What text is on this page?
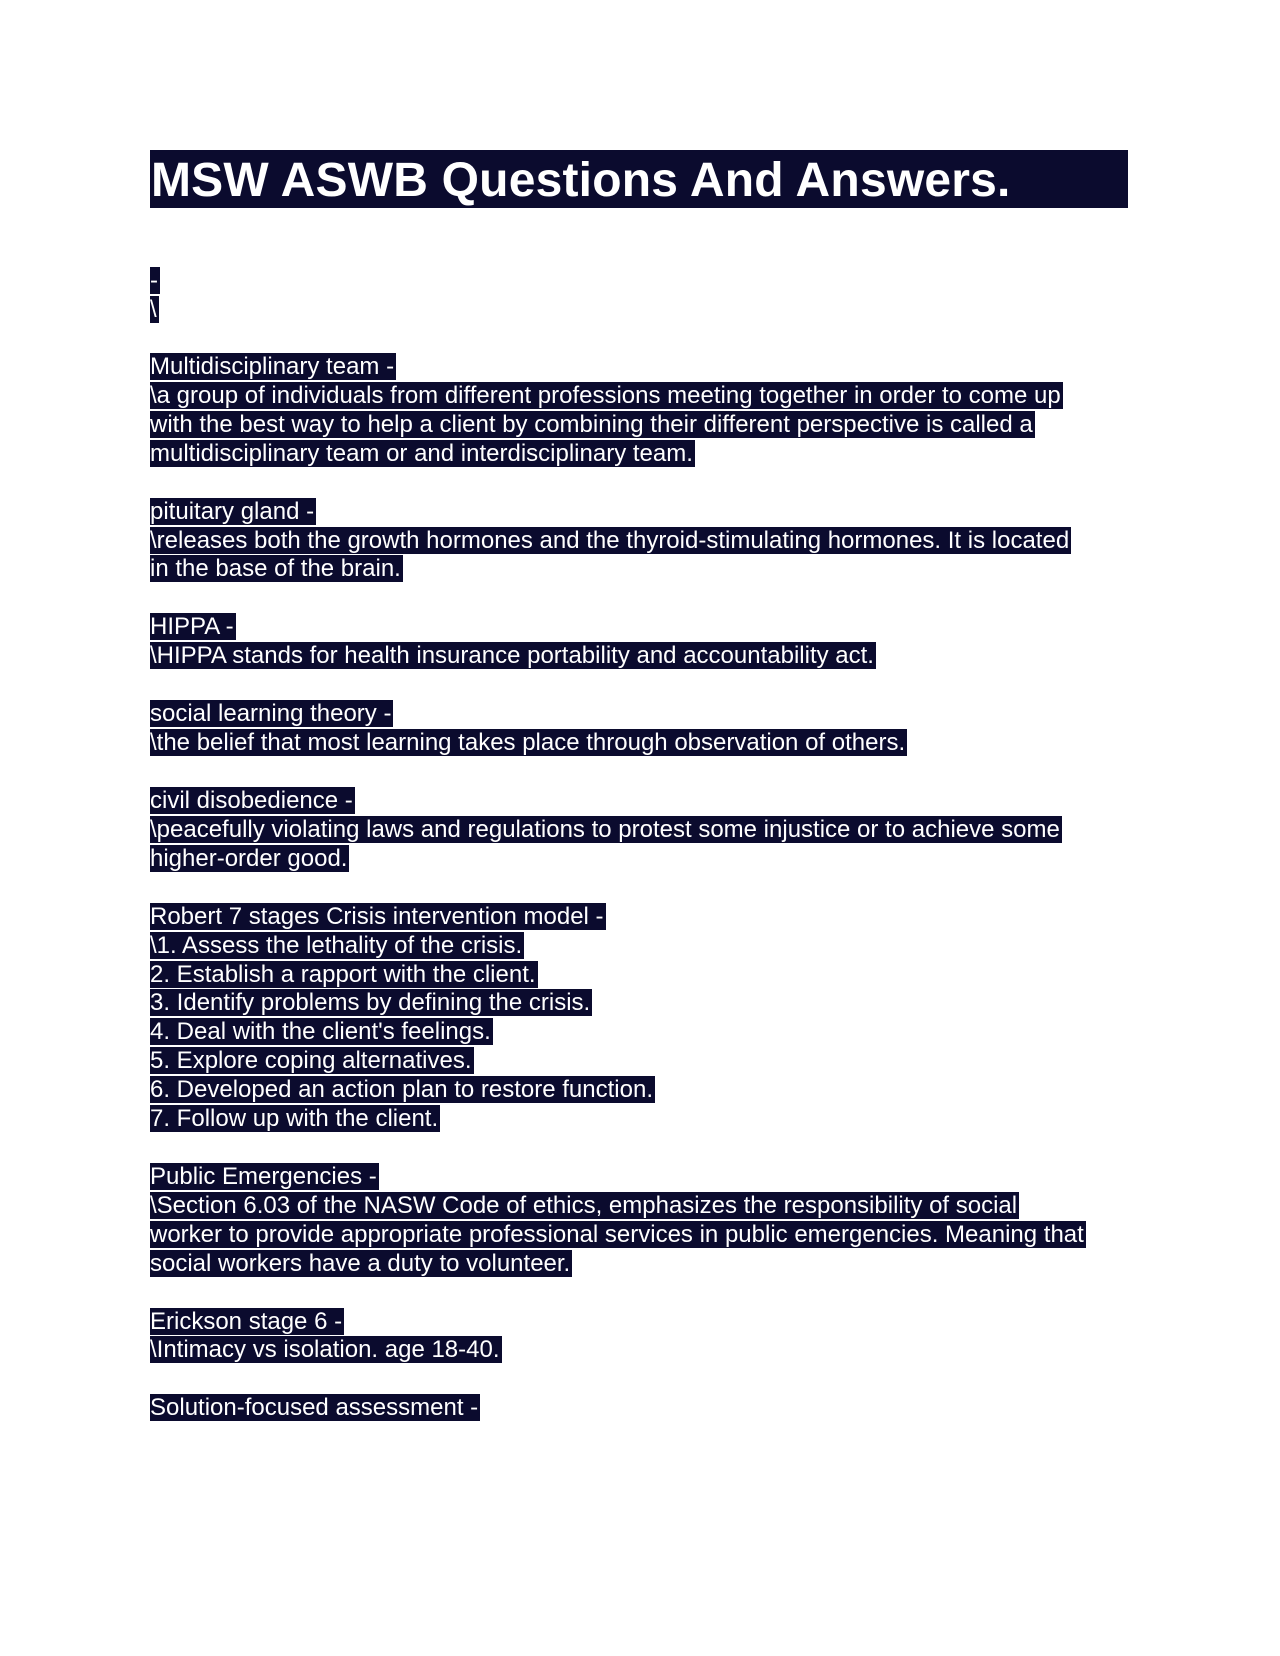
MSW ASWB Questions And Answers.
-
\
Multidisciplinary team -
\a group of individuals from different professions meeting together in order to come up
with the best way to help a client by combining their different perspective is called a
multidisciplinary team or and interdisciplinary team.
pituitary gland -
\releases both the growth hormones and the thyroid-stimulating hormones. It is located
in the base of the brain.
HIPPA -
\HIPPA stands for health insurance portability and accountability act.
social learning theory -
\the belief that most learning takes place through observation of others.
civil disobedience -
\peacefully violating laws and regulations to protest some injustice or to achieve some
higher-order good.
Robert 7 stages Crisis intervention model -
\1. Assess the lethality of the crisis.
2. Establish a rapport with the client.
3. Identify problems by defining the crisis.
4. Deal with the client's feelings.
5. Explore coping alternatives.
6. Developed an action plan to restore function.
7. Follow up with the client.
Public Emergencies -
\Section 6.03 of the NASW Code of ethics, emphasizes the responsibility of social
worker to provide appropriate professional services in public emergencies. Meaning that
social workers have a duty to volunteer.
Erickson stage 6 -
\Intimacy vs isolation. age 18-40.
Solution-focused assessment -
